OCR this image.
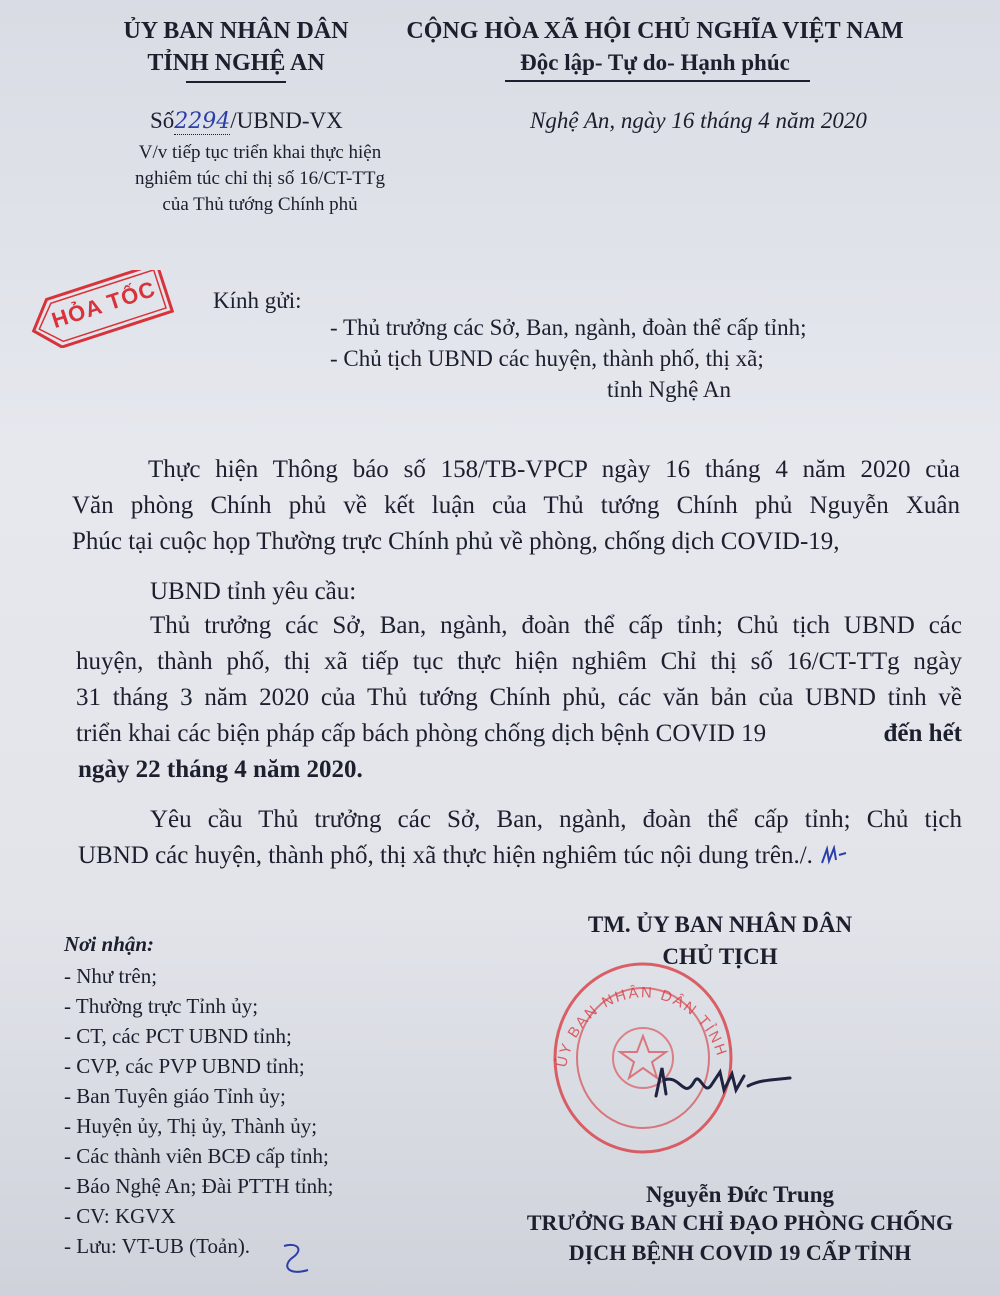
ỦY BAN NHÂN DÂN
TỈNH NGHỆ AN
CỘNG HÒA XÃ HỘI CHỦ NGHĨA VIỆT NAM
Độc lập- Tự do- Hạnh phúc
Số2294/UBND-VX
V/v tiếp tục triển khai thực hiện
nghiêm túc chỉ thị số 16/CT-TTg
của Thủ tướng Chính phủ
Nghệ An, ngày 16 tháng 4 năm 2020
HỎA TỐC Kính gửi:
- Thủ trưởng các Sở, Ban, ngành, đoàn thể cấp tỉnh;
- Chủ tịch UBND các huyện, thành phố, thị xã;
tỉnh Nghệ An
Thực hiện Thông báo số 158/TB-VPCP ngày 16 tháng 4 năm 2020 của
Văn phòng Chính phủ về kết luận của Thủ tướng Chính phủ Nguyễn Xuân
Phúc tại cuộc họp Thường trực Chính phủ về phòng, chống dịch COVID-19,
UBND tỉnh yêu cầu:
Thủ trưởng các Sở, Ban, ngành, đoàn thể cấp tỉnh; Chủ tịch UBND các
huyện, thành phố, thị xã tiếp tục thực hiện nghiêm Chỉ thị số 16/CT-TTg ngày
31 tháng 3 năm 2020 của Thủ tướng Chính phủ, các văn bản của UBND tỉnh về
triển khai các biện pháp cấp bách phòng chống dịch bệnh COVID 19	đến hết
ngày 22 tháng 4 năm 2020.
Yêu cầu Thủ trưởng các Sở, Ban, ngành, đoàn thể cấp tỉnh; Chủ tịch
UBND các huyện, thành phố, thị xã thực hiện nghiêm túc nội dung trên./.
Nơi nhận:
- Như trên;
- Thường trực Tỉnh ủy;
- CT, các PCT UBND tỉnh;
- CVP, các PVP UBND tỉnh;
- Ban Tuyên giáo Tỉnh ủy;
- Huyện ủy, Thị ủy, Thành ủy;
- Các thành viên BCĐ cấp tỉnh;
- Báo Nghệ An; Đài PTTH tỉnh;
- CV: KGVX
- Lưu: VT-UB (Toản).
TM. ỦY BAN NHÂN DÂN
CHỦ TỊCH
ỦY BAN NHÂN DÂN TỈNH
Nguyễn Đức Trung
TRƯỞNG BAN CHỈ ĐẠO PHÒNG CHỐNG
DỊCH BỆNH COVID 19 CẤP TỈNH
